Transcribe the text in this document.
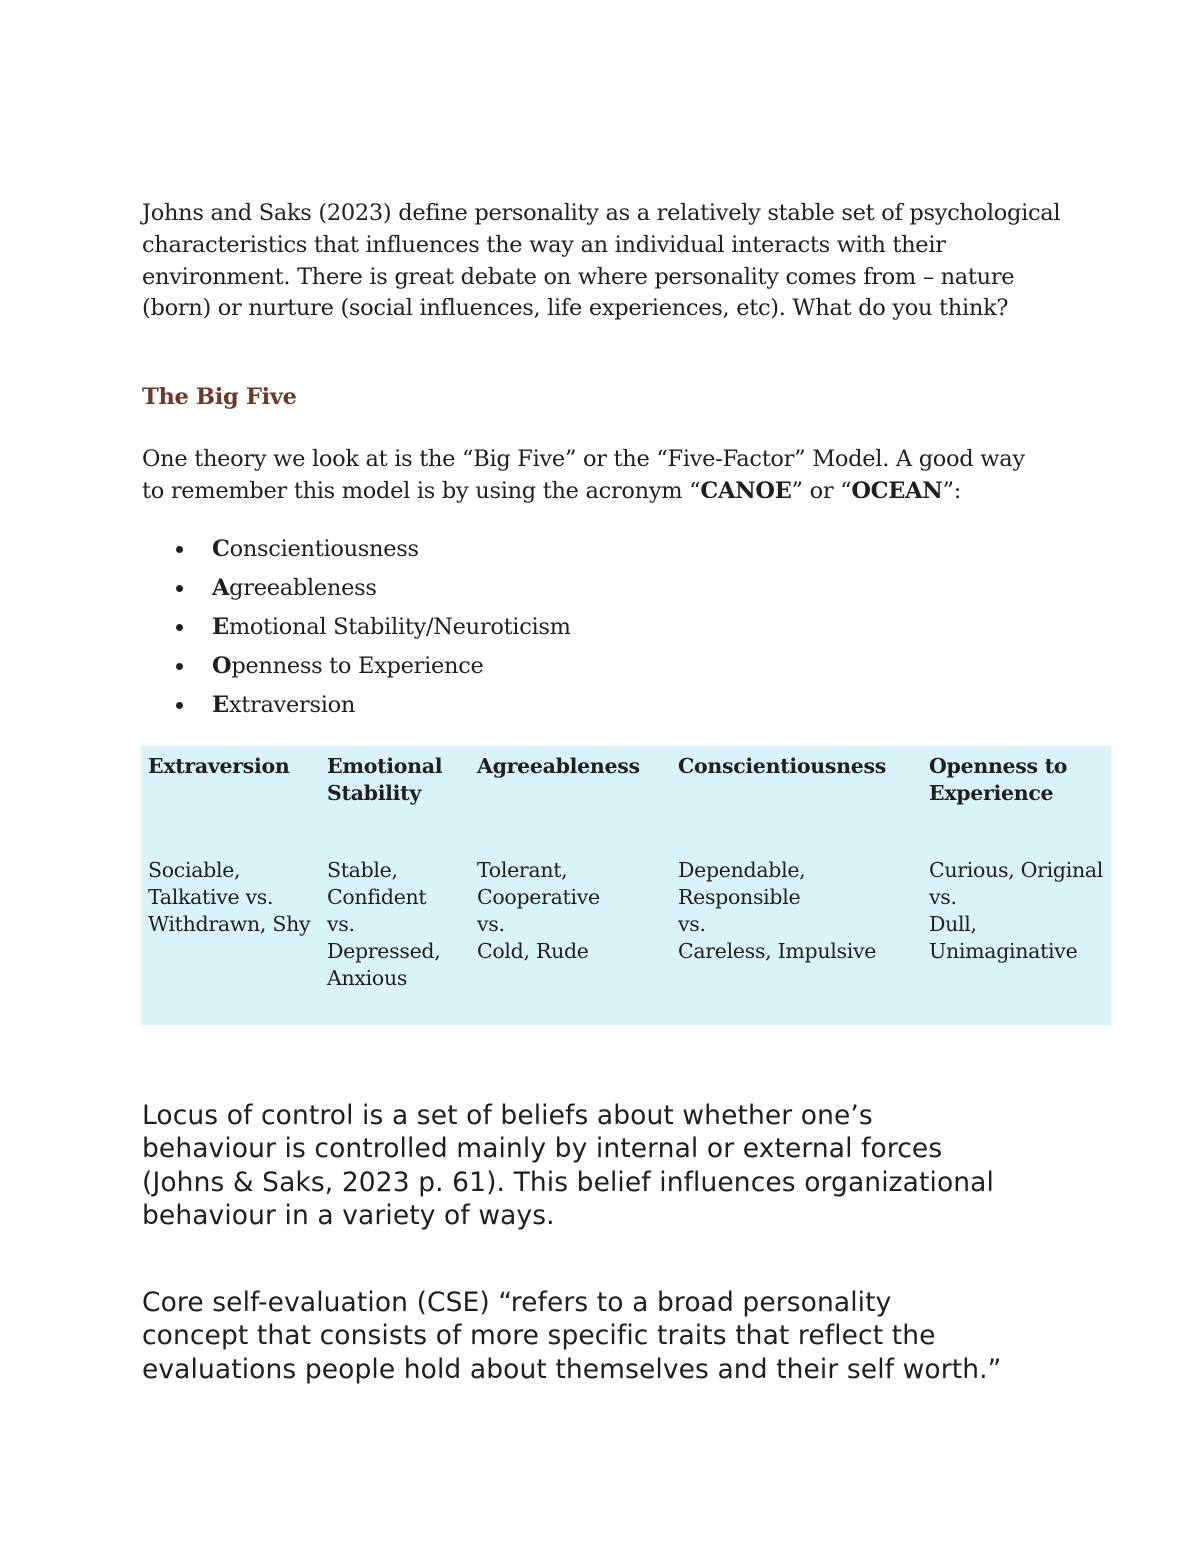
Johns and Saks (2023) define personality as a relatively stable set of psychological
characteristics that influences the way an individual interacts with their
environment. There is great debate on where personality comes from – nature
(born) or nurture (social influences, life experiences, etc). What do you think?

The Big Five

One theory we look at is the “Big Five” or the “Five-Factor” Model. A good way
to remember this model is by using the acronym “CANOE” or “OCEAN”:

Conscientiousness
Agreeableness
Emotional Stability/Neuroticism
Openness to Experience
Extraversion
Extraversion
Sociable,
Talkative vs.
Withdrawn, Shy
Emotional
Stability
Stable,
Confident
vs.
Depressed,
Anxious
Agreeableness
Tolerant,
Cooperative
vs.
Cold, Rude
Conscientiousness
Dependable,
Responsible
vs.
Careless, Impulsive
Openness to
Experience
Curious, Original
vs.
Dull,
Unimaginative

Locus of control is a set of beliefs about whether one’s
behaviour is controlled mainly by internal or external forces
(Johns & Saks, 2023 p. 61). This belief influences organizational
behaviour in a variety of ways.

Core self-evaluation (CSE) “refers to a broad personality
concept that consists of more specific traits that reflect the
evaluations people hold about themselves and their self worth.”
